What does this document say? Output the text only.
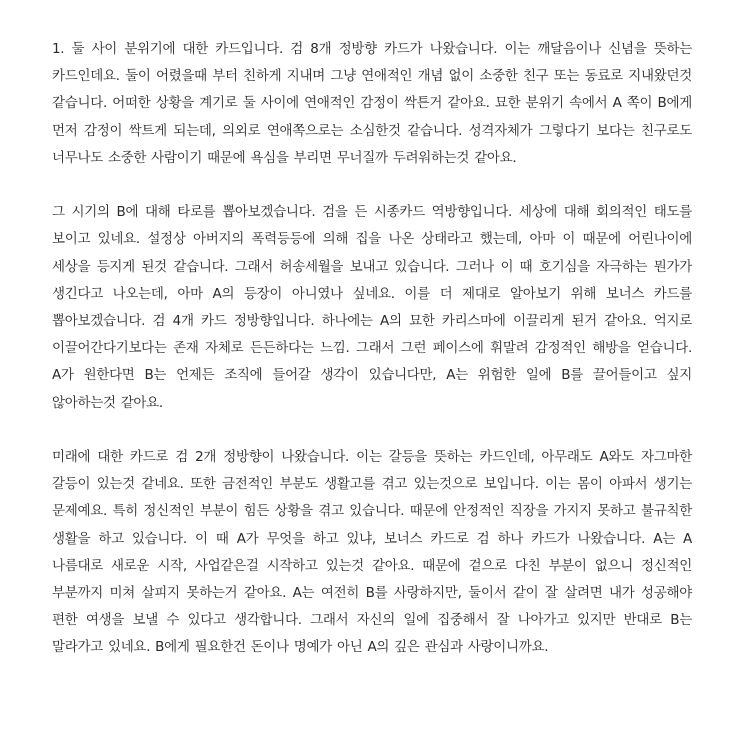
1. 둘 사이 분위기에 대한 카드입니다. 검 8개 정방향 카드가 나왔습니다. 이는 깨달음이나 신념을 뜻하는 카드인데요. 둘이 어렸을때 부터 친하게 지내며 그냥 연애적인 개념 없이 소중한 친구 또는 동료로 지내왔던것 같습니다. 어떠한 상황을 계기로 둘 사이에 연애적인 감정이 싹튼거 같아요. 묘한 분위기 속에서 A 쪽이 B에게 먼저 감정이 싹트게 되는데, 의외로 연애쪽으로는 소심한것 같습니다. 성격자체가 그렇다기 보다는 친구로도 너무나도 소중한 사람이기 때문에 욕심을 부리면 무너질까 두려워하는것 같아요.

그 시기의 B에 대해 타로를 뽑아보겠습니다. 검을 든 시종카드 역방향입니다. 세상에 대해 회의적인 태도를 보이고 있네요. 설정상 아버지의 폭력등등에 의해 집을 나온 상태라고 했는데, 아마 이 때문에 어린나이에 세상을 등지게 된것 같습니다. 그래서 허송세월을 보내고 있습니다. 그러나 이 때 호기심을 자극하는 뭔가가 생긴다고 나오는데, 아마 A의 등장이 아니였나 싶네요. 이를 더 제대로 알아보기 위해 보너스 카드를 뽑아보겠습니다. 검 4개 카드 정방향입니다. 하나에는 A의 묘한 카리스마에 이끌리게 된거 같아요. 억지로 이끌어간다기보다는 존재 자체로 든든하다는 느낌. 그래서 그런 페이스에 휘말려 감정적인 해방을 얻습니다. A가 원한다면 B는 언제든 조직에 들어갈 생각이 있습니다만, A는 위험한 일에 B를 끌어들이고 싶지 않아하는것 같아요.

미래에 대한 카드로 검 2개 정방향이 나왔습니다. 이는 갈등을 뜻하는 카드인데, 아무래도 A와도 자그마한 갈등이 있는것 같네요. 또한 금전적인 부분도 생활고를 겪고 있는것으로 보입니다. 이는 몸이 아파서 생기는 문제예요. 특히 정신적인 부분이 힘든 상황을 겪고 있습니다. 때문에 안정적인 직장을 가지지 못하고 불규칙한 생활을 하고 있습니다. 이 때 A가 무엇을 하고 있냐, 보너스 카드로 검 하나 카드가 나왔습니다. A는 A 나름대로 새로운 시작, 사업같은걸 시작하고 있는것 같아요. 때문에 겉으로 다친 부분이 없으니 정신적인 부분까지 미쳐 살피지 못하는거 같아요. A는 여전히 B를 사랑하지만, 둘이서 같이 잘 살려면 내가 성공해야 편한 여생을 보낼 수 있다고 생각합니다. 그래서 자신의 일에 집중해서 잘 나아가고 있지만 반대로 B는 말라가고 있네요. B에게 필요한건 돈이나 명예가 아닌 A의 깊은 관심과 사랑이니까요.
